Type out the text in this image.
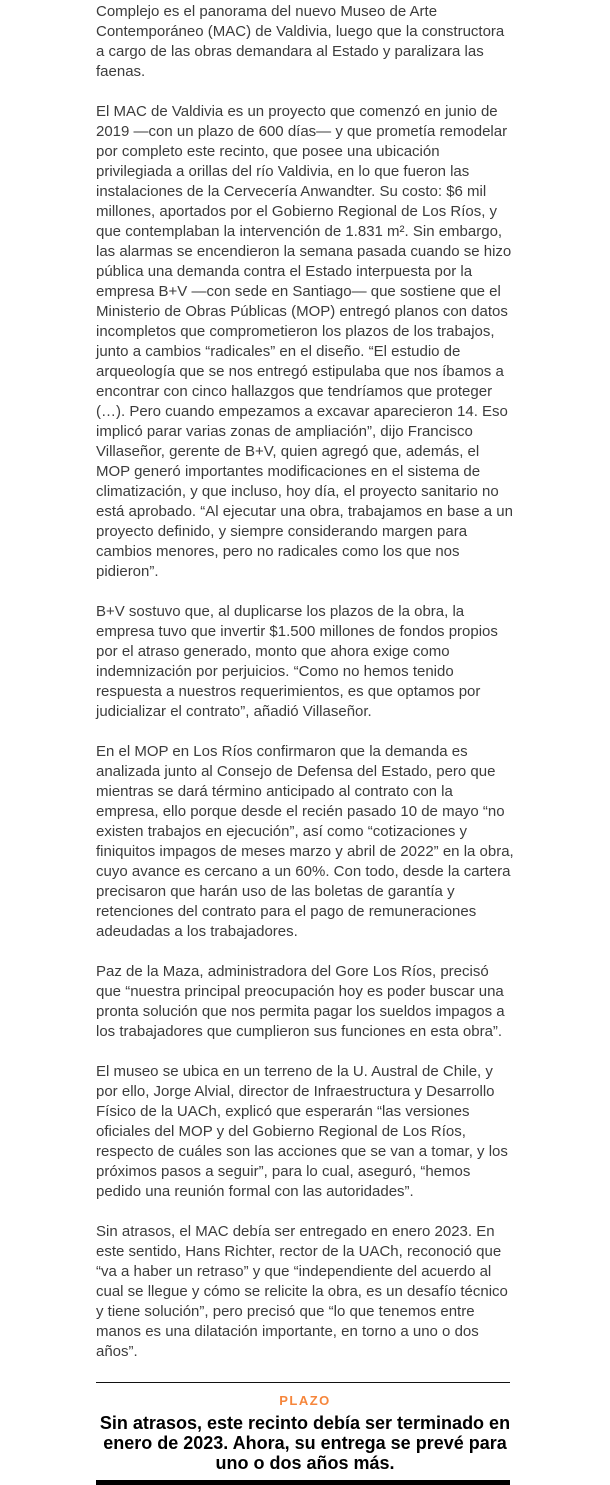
Complejo es el panorama del nuevo Museo de Arte Contemporáneo (MAC) de Valdivia, luego que la constructora a cargo de las obras demandara al Estado y paralizara las faenas.

El MAC de Valdivia es un proyecto que comenzó en junio de 2019 —con un plazo de 600 días— y que prometía remodelar por completo este recinto, que posee una ubicación privilegiada a orillas del río Valdivia, en lo que fueron las instalaciones de la Cervecería Anwandter. Su costo: $6 mil millones, aportados por el Gobierno Regional de Los Ríos, y que contemplaban la intervención de 1.831 m². Sin embargo, las alarmas se encendieron la semana pasada cuando se hizo pública una demanda contra el Estado interpuesta por la empresa B+V —con sede en Santiago— que sostiene que el Ministerio de Obras Públicas (MOP) entregó planos con datos incompletos que comprometieron los plazos de los trabajos, junto a cambios “radicales” en el diseño. “El estudio de arqueología que se nos entregó estipulaba que nos íbamos a encontrar con cinco hallazgos que tendríamos que proteger (…). Pero cuando empezamos a excavar aparecieron 14. Eso implicó parar varias zonas de ampliación”, dijo Francisco Villaseñor, gerente de B+V, quien agregó que, además, el MOP generó importantes modificaciones en el sistema de climatización, y que incluso, hoy día, el proyecto sanitario no está aprobado. “Al ejecutar una obra, trabajamos en base a un proyecto definido, y siempre considerando margen para cambios menores, pero no radicales como los que nos pidieron”.

B+V sostuvo que, al duplicarse los plazos de la obra, la empresa tuvo que invertir $1.500 millones de fondos propios por el atraso generado, monto que ahora exige como indemnización por perjuicios. “Como no hemos tenido respuesta a nuestros requerimientos, es que optamos por judicializar el contrato”, añadió Villaseñor.

En el MOP en Los Ríos confirmaron que la demanda es analizada junto al Consejo de Defensa del Estado, pero que mientras se dará término anticipado al contrato con la empresa, ello porque desde el recién pasado 10 de mayo “no existen trabajos en ejecución”, así como “cotizaciones y finiquitos impagos de meses marzo y abril de 2022” en la obra, cuyo avance es cercano a un 60%. Con todo, desde la cartera precisaron que harán uso de las boletas de garantía y retenciones del contrato para el pago de remuneraciones adeudadas a los trabajadores.

Paz de la Maza, administradora del Gore Los Ríos, precisó que “nuestra principal preocupación hoy es poder buscar una pronta solución que nos permita pagar los sueldos impagos a los trabajadores que cumplieron sus funciones en esta obra”.

El museo se ubica en un terreno de la U. Austral de Chile, y por ello, Jorge Alvial, director de Infraestructura y Desarrollo Físico de la UACh, explicó que esperarán “las versiones oficiales del MOP y del Gobierno Regional de Los Ríos, respecto de cuáles son las acciones que se van a tomar, y los próximos pasos a seguir”, para lo cual, aseguró, “hemos pedido una reunión formal con las autoridades”.

Sin atrasos, el MAC debía ser entregado en enero 2023. En este sentido, Hans Richter, rector de la UACh, reconoció que “va a haber un retraso” y que “independiente del acuerdo al cual se llegue y cómo se relicite la obra, es un desafío técnico y tiene solución”, pero precisó que “lo que tenemos entre manos es una dilatación importante, en torno a uno o dos años”.

PLAZO
Sin atrasos, este recinto debía ser terminado en enero de 2023. Ahora, su entrega se prevé para uno o dos años más.
